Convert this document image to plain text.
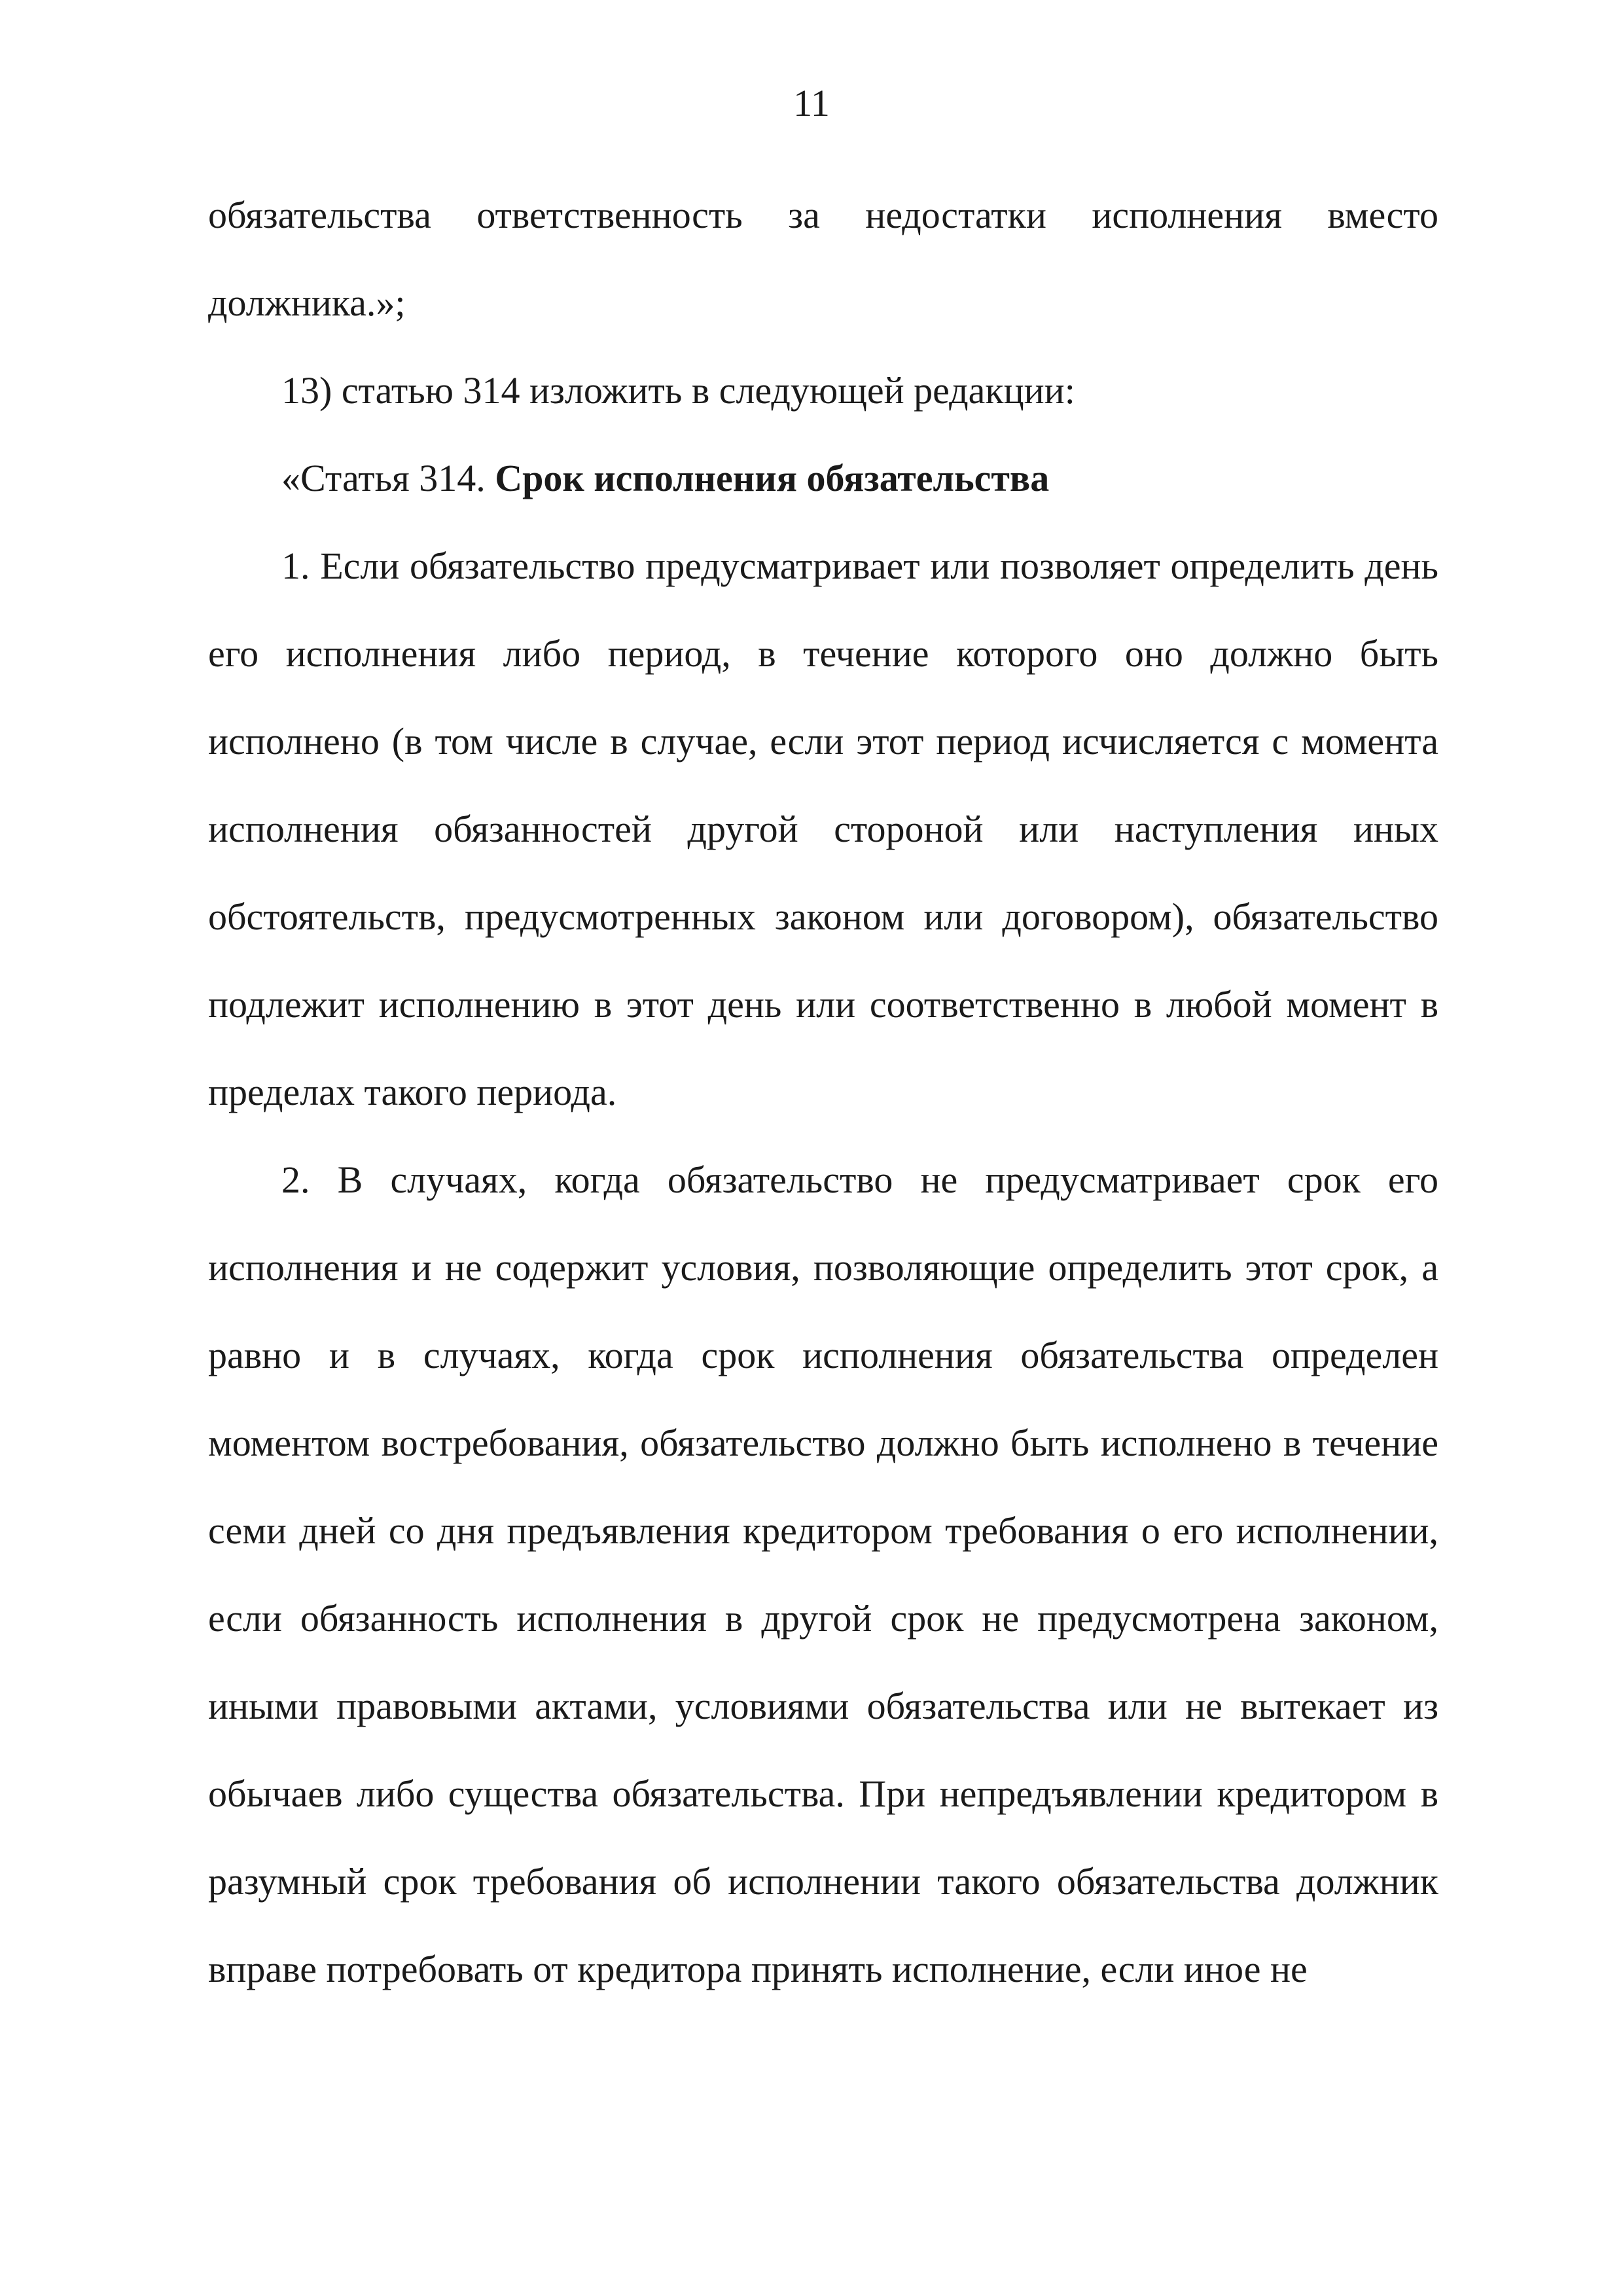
11
обязательства ответственность за недостатки исполнения вместо

должника.»;

13) статью 314 изложить в следующей редакции:

«Статья 314. Срок исполнения обязательства

1. Если обязательство предусматривает или позволяет определить день его исполнения либо период, в течение которого оно должно быть исполнено (в том числе в случае, если этот период исчисляется с момента исполнения обязанностей другой стороной или наступления иных обстоятельств, предусмотренных законом или договором), обязательство подлежит исполнению в этот день или соответственно в любой момент в пределах такого периода.

2. В случаях, когда обязательство не предусматривает срок его исполнения и не содержит условия, позволяющие определить этот срок, а равно и в случаях, когда срок исполнения обязательства определен моментом востребования, обязательство должно быть исполнено в течение семи дней со дня предъявления кредитором требования о его исполнении, если обязанность исполнения в другой срок не предусмотрена законом, иными правовыми актами, условиями обязательства или не вытекает из обычаев либо существа обязательства. При непредъявлении кредитором в разумный срок требования об исполнении такого обязательства должник вправе потребовать от кредитора принять исполнение, если иное не
